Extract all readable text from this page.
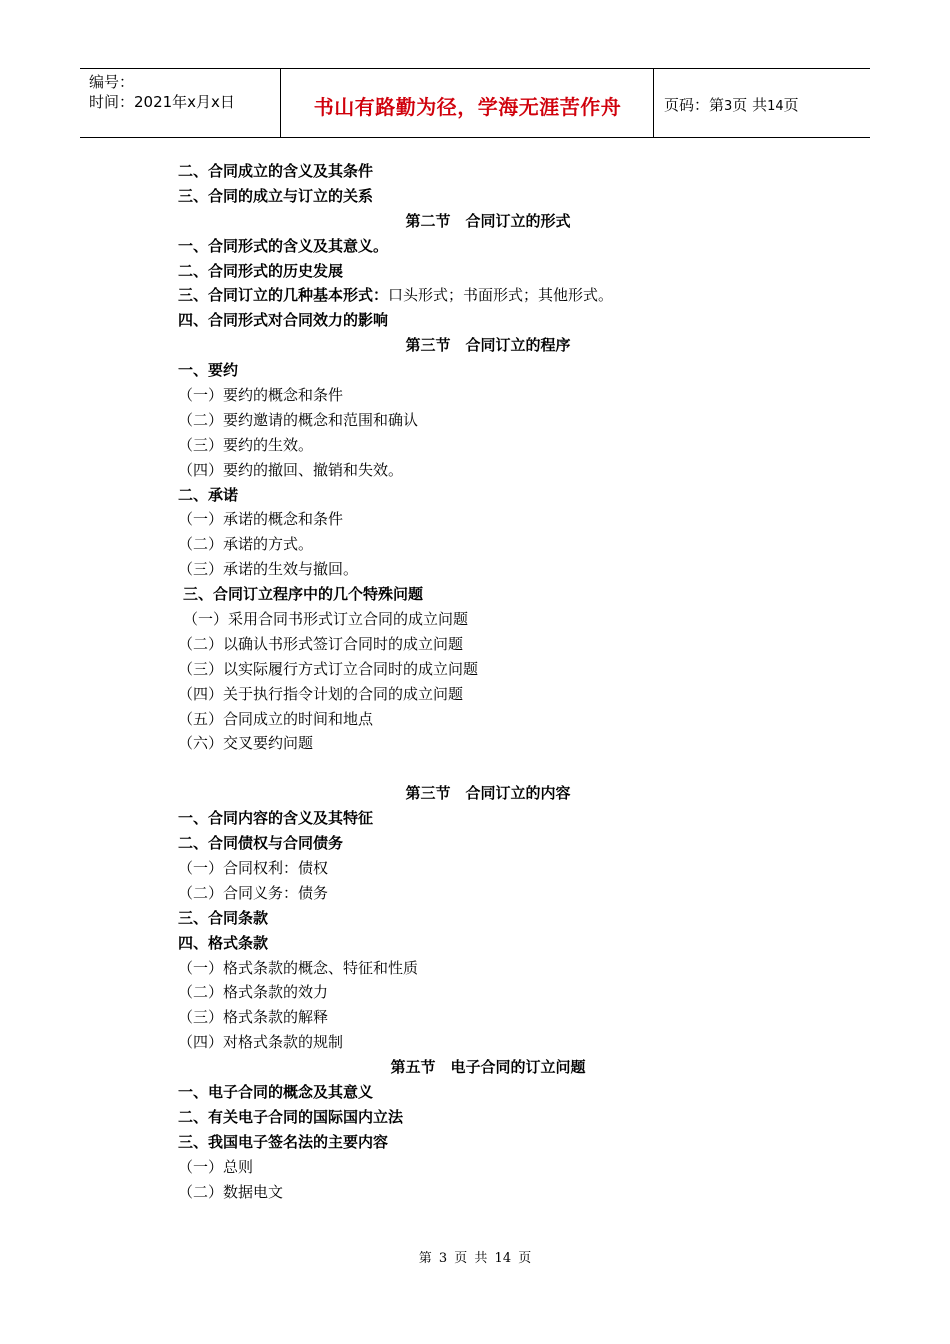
编号：
时间：2021年x月x日	书山有路勤为径，学海无涯苦作舟	页码：第3页 共14页
二、合同成立的含义及其条件
三、合同的成立与订立的关系
第二节　合同订立的形式
一、合同形式的含义及其意义。
二、合同形式的历史发展
三、合同订立的几种基本形式：口头形式；书面形式；其他形式。
四、合同形式对合同效力的影响
第三节　合同订立的程序
一、要约
（一）要约的概念和条件
（二）要约邀请的概念和范围和确认
（三）要约的生效。
（四）要约的撤回、撤销和失效。
二、承诺
（一）承诺的概念和条件
（二）承诺的方式。
（三）承诺的生效与撤回。
三、合同订立程序中的几个特殊问题
（一）采用合同书形式订立合同的成立问题
（二）以确认书形式签订合同时的成立问题
（三）以实际履行方式订立合同时的成立问题
（四）关于执行指令计划的合同的成立问题
（五）合同成立的时间和地点
（六）交叉要约问题
第三节　合同订立的内容
一、合同内容的含义及其特征
二、合同债权与合同债务
（一）合同权利：债权
（二）合同义务：债务
三、合同条款
四、格式条款
（一）格式条款的概念、特征和性质
（二）格式条款的效力
（三）格式条款的解释
（四）对格式条款的规制
第五节　电子合同的订立问题
一、电子合同的概念及其意义
二、有关电子合同的国际国内立法
三、我国电子签名法的主要内容
（一）总则
（二）数据电文
第 3 页 共 14 页
